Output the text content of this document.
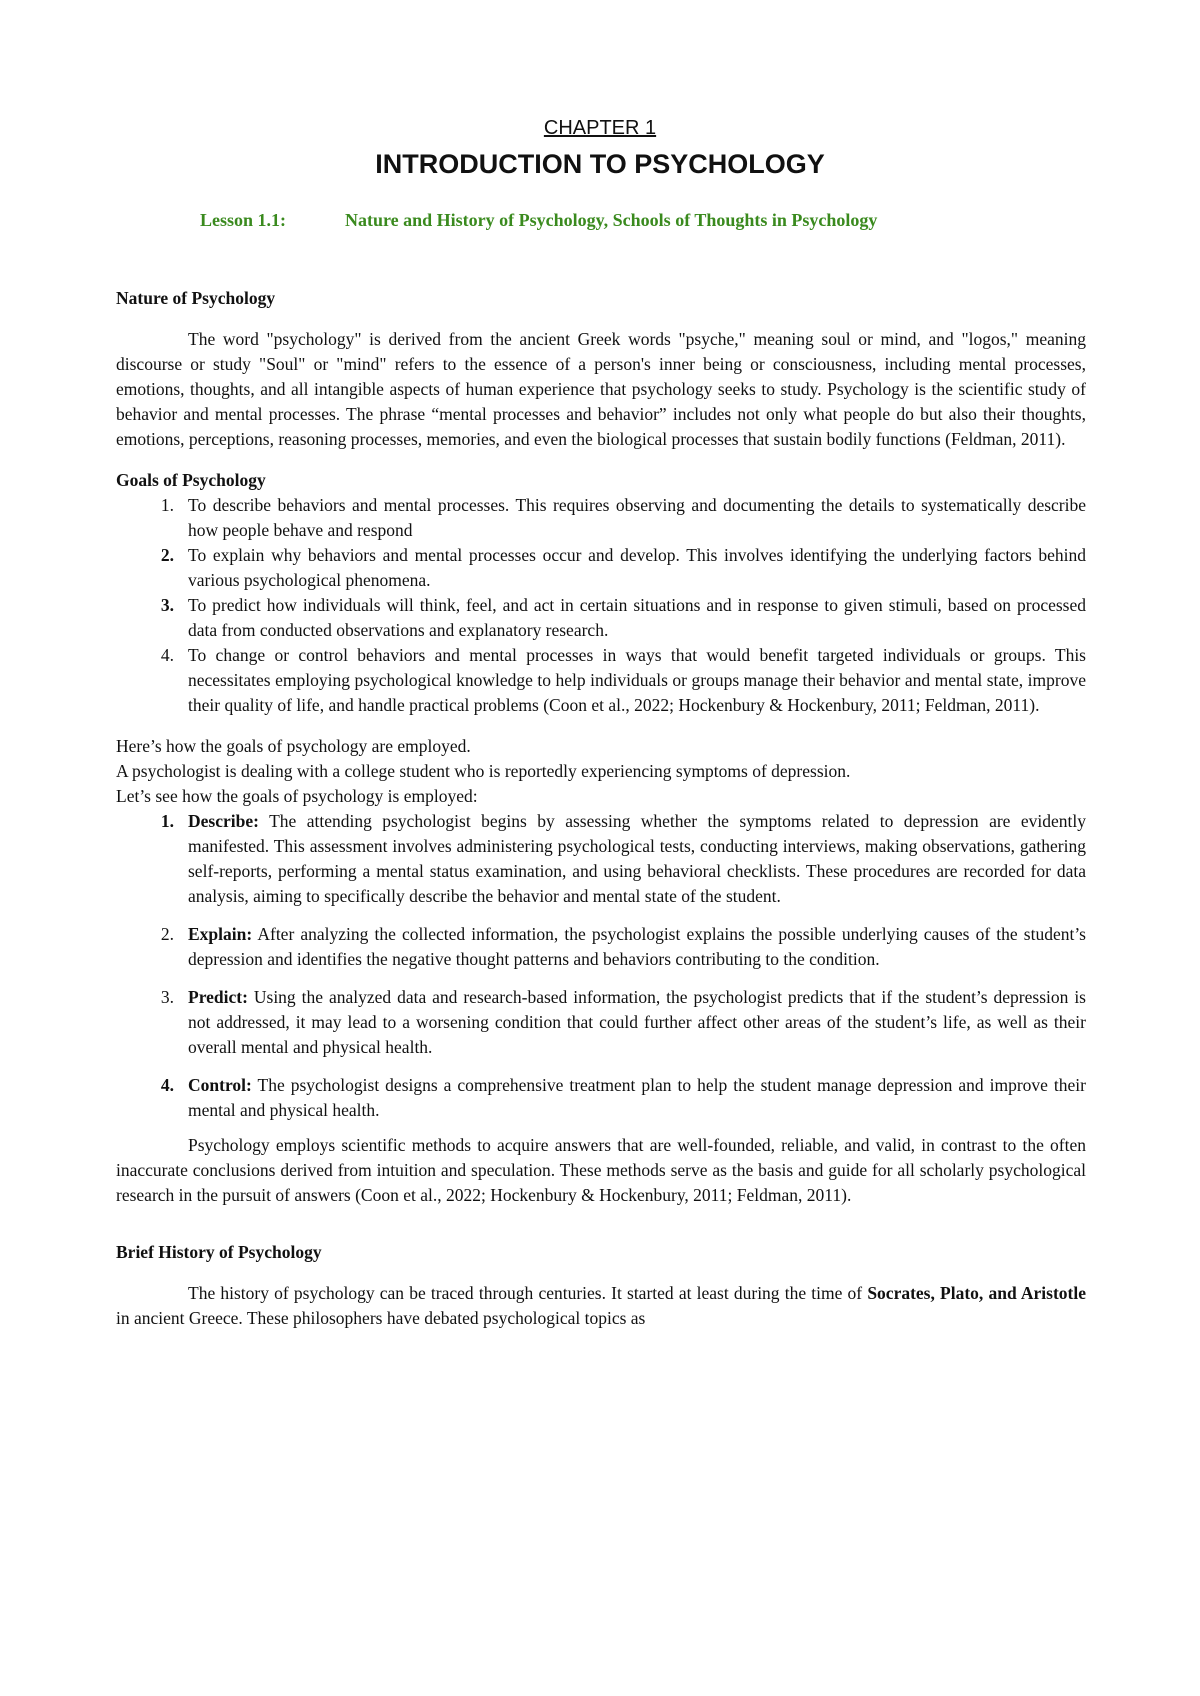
CHAPTER 1
INTRODUCTION TO PSYCHOLOGY
Lesson 1.1:	Nature and History of Psychology, Schools of Thoughts in Psychology
Nature of Psychology

The word "psychology" is derived from the ancient Greek words "psyche," meaning soul or mind, and "logos," meaning discourse or study "Soul" or "mind" refers to the essence of a person's inner being or consciousness, including mental processes, emotions, thoughts, and all intangible aspects of human experience that psychology seeks to study. Psychology is the scientific study of behavior and mental processes. The phrase “mental processes and behavior” includes not only what people do but also their thoughts, emotions, perceptions, reasoning processes, memories, and even the biological processes that sustain bodily functions (Feldman, 2011).

Goals of Psychology
1. To describe behaviors and mental processes. This requires observing and documenting the details to systematically describe how people behave and respond
2. To explain why behaviors and mental processes occur and develop. This involves identifying the underlying factors behind various psychological phenomena.
3. To predict how individuals will think, feel, and act in certain situations and in response to given stimuli, based on processed data from conducted observations and explanatory research.
4. To change or control behaviors and mental processes in ways that would benefit targeted individuals or groups. This necessitates employing psychological knowledge to help individuals or groups manage their behavior and mental state, improve their quality of life, and handle practical problems (Coon et al., 2022; Hockenbury & Hockenbury, 2011; Feldman, 2011).

Here’s how the goals of psychology are employed.

A psychologist is dealing with a college student who is reportedly experiencing symptoms of depression.

Let’s see how the goals of psychology is employed:

1. Describe: The attending psychologist begins by assessing whether the symptoms related to depression are evidently manifested. This assessment involves administering psychological tests, conducting interviews, making observations, gathering self-reports, performing a mental status examination, and using behavioral checklists. These procedures are recorded for data analysis, aiming to specifically describe the behavior and mental state of the student.
2. Explain: After analyzing the collected information, the psychologist explains the possible underlying causes of the student’s depression and identifies the negative thought patterns and behaviors contributing to the condition.
3. Predict: Using the analyzed data and research-based information, the psychologist predicts that if the student’s depression is not addressed, it may lead to a worsening condition that could further affect other areas of the student’s life, as well as their overall mental and physical health.
4. Control: The psychologist designs a comprehensive treatment plan to help the student manage depression and improve their mental and physical health.

Psychology employs scientific methods to acquire answers that are well-founded, reliable, and valid, in contrast to the often inaccurate conclusions derived from intuition and speculation. These methods serve as the basis and guide for all scholarly psychological research in the pursuit of answers (Coon et al., 2022; Hockenbury & Hockenbury, 2011; Feldman, 2011).

Brief History of Psychology

The history of psychology can be traced through centuries. It started at least during the time of Socrates, Plato, and Aristotle in ancient Greece. These philosophers have debated psychological topics as
